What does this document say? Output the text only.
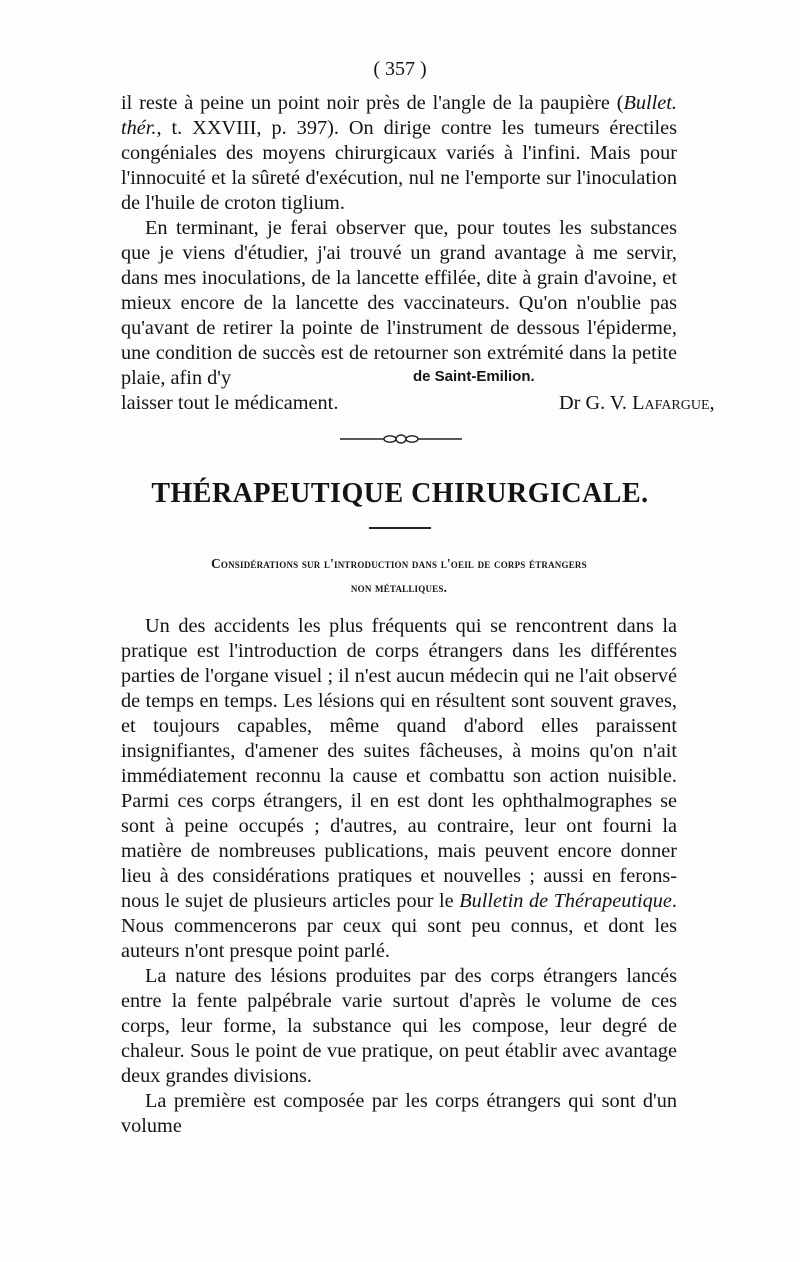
( 357 )

il reste à peine un point noir près de l'angle de la paupière (Bullet. thér., t. XXVIII, p. 397). On dirige contre les tumeurs érectiles congéniales des moyens chirurgicaux variés à l'infini. Mais pour l'innocuité et la sûreté d'exécution, nul ne l'emporte sur l'inoculation de l'huile de croton tiglium.

En terminant, je ferai observer que, pour toutes les substances que je viens d'étudier, j'ai trouvé un grand avantage à me servir, dans mes inoculations, de la lancette effilée, dite à grain d'avoine, et mieux encore de la lancette des vaccinateurs. Qu'on n'oublie pas qu'avant de retirer la pointe de l'instrument de dessous l'épiderme, une condition de succès est de retourner son extrémité dans la petite plaie, afin d'y

laisser tout le médicament.	Dr G. V. Lafargue,
de Saint-Emilion.
THÉRAPEUTIQUE CHIRURGICALE.
Considérations sur l'introduction dans l'oeil de corps étrangers
non métalliques.

Un des accidents les plus fréquents qui se rencontrent dans la pratique est l'introduction de corps étrangers dans les différentes parties de l'organe visuel ; il n'est aucun médecin qui ne l'ait observé de temps en temps. Les lésions qui en résultent sont souvent graves, et toujours capables, même quand d'abord elles paraissent insignifiantes, d'amener des suites fâcheuses, à moins qu'on n'ait immédiatement reconnu la cause et combattu son action nuisible. Parmi ces corps étrangers, il en est dont les ophthalmographes se sont à peine occupés ; d'autres, au contraire, leur ont fourni la matière de nombreuses publications, mais peuvent encore donner lieu à des considérations pratiques et nouvelles ; aussi en ferons-nous le sujet de plusieurs articles pour le Bulletin de Thérapeutique. Nous commencerons par ceux qui sont peu connus, et dont les auteurs n'ont presque point parlé.

La nature des lésions produites par des corps étrangers lancés entre la fente palpébrale varie surtout d'après le volume de ces corps, leur forme, la substance qui les compose, leur degré de chaleur. Sous le point de vue pratique, on peut établir avec avantage deux grandes divisions.

La première est composée par les corps étrangers qui sont d'un volume
